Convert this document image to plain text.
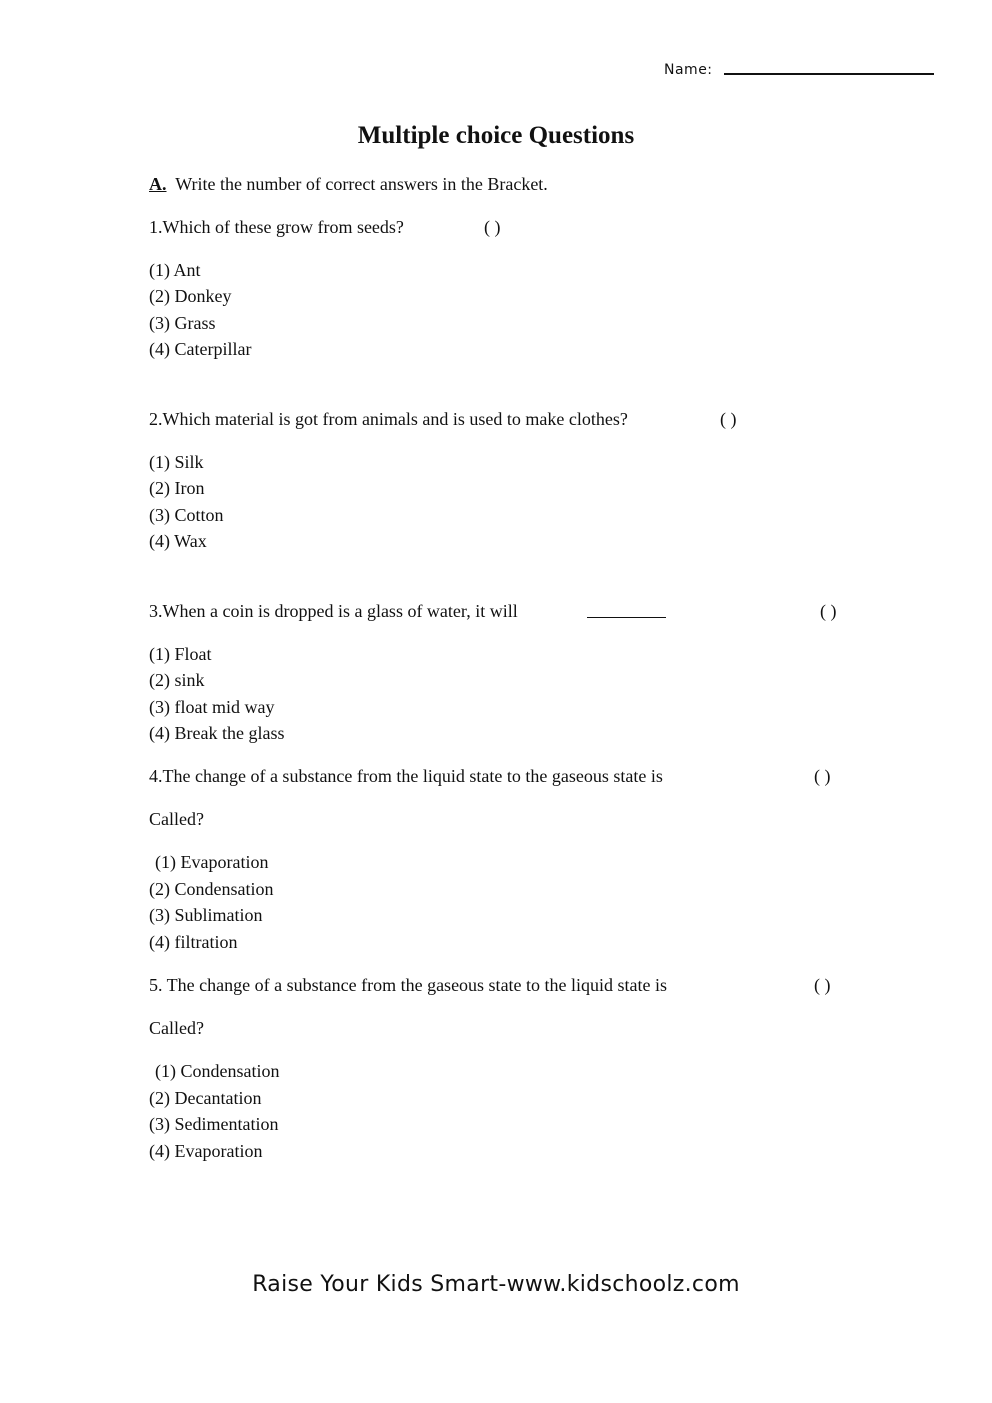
Name:
Multiple choice Questions
A. Write the number of correct answers in the Bracket.
1.Which of these grow from seeds?	( )
(1) Ant
(2) Donkey
(3) Grass
(4) Caterpillar
2.Which material is got from animals and is used to make clothes?	( )
(1) Silk
(2) Iron
(3) Cotton
(4) Wax
3.When a coin is dropped is a glass of water, it will	( )
(1) Float
(2) sink
(3) float mid way
(4) Break the glass
4.The change of a substance from the liquid state to the gaseous state is	( )
Called?
(1) Evaporation
(2) Condensation
(3) Sublimation
(4) filtration
5. The change of a substance from the gaseous state to the liquid state is	( )
Called?
(1) Condensation
(2) Decantation
(3) Sedimentation
(4) Evaporation
Raise Your Kids Smart-www.kidschoolz.com
